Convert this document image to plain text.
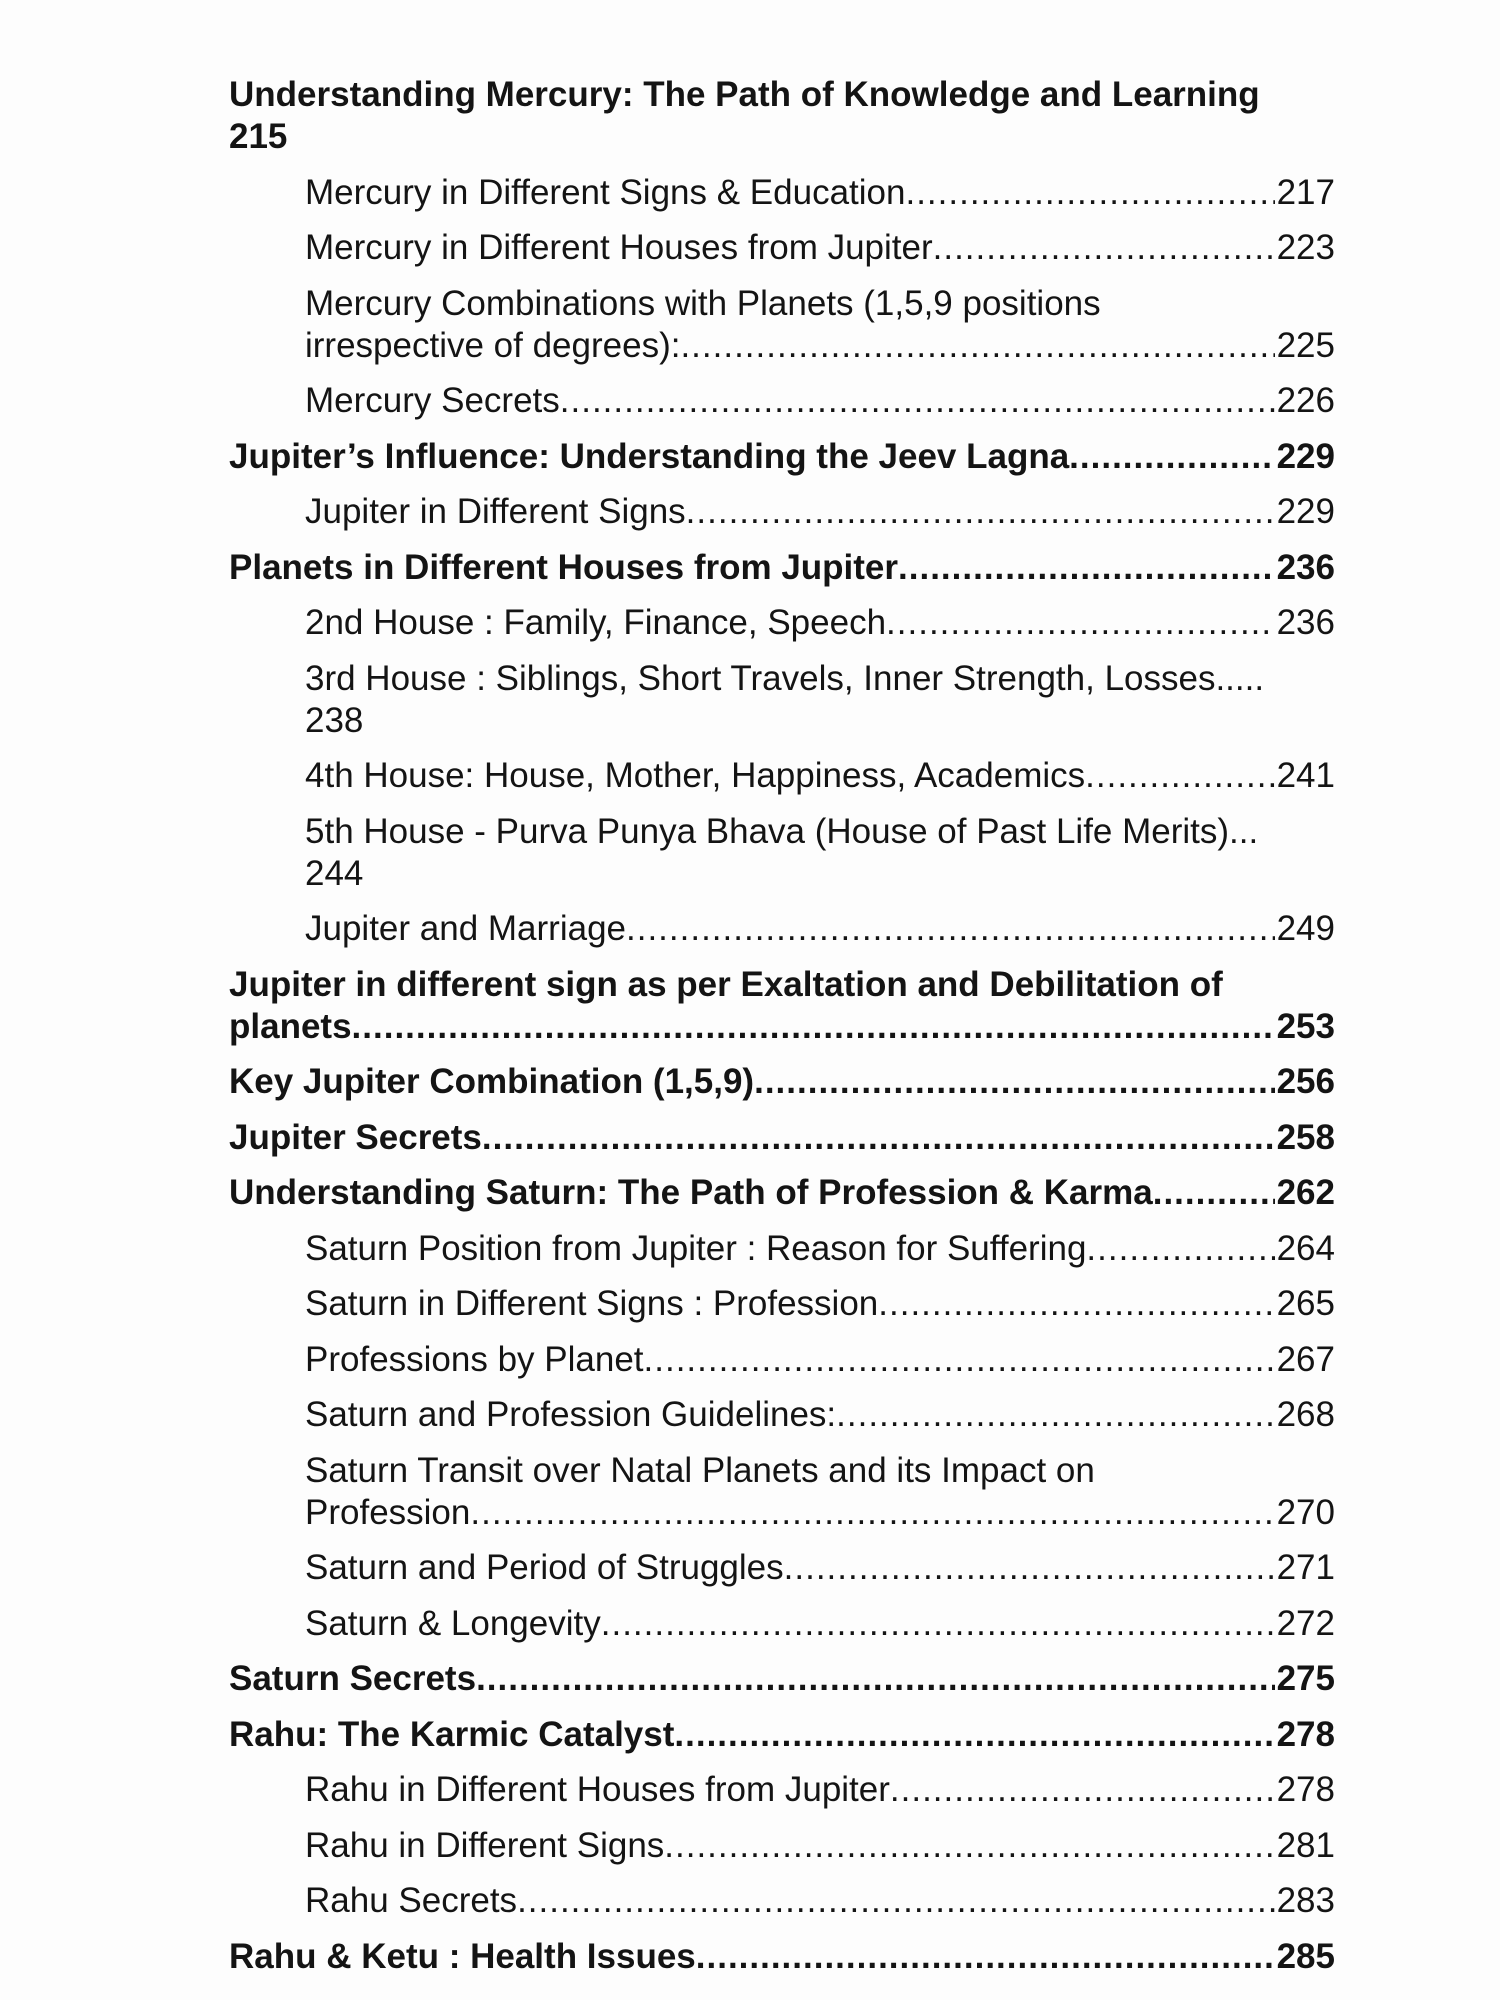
Understanding Mercury: The Path of Knowledge and Learning
215
Mercury in Different Signs & Education .....	217
Mercury in Different Houses from Jupiter .....	223
Mercury Combinations with Planets (1,5,9 positions
irrespective of degrees): .....	225
Mercury Secrets .....	226
Jupiter’s Influence: Understanding the Jeev Lagna .....	229
Jupiter in Different Signs .....	229
Planets in Different Houses from Jupiter .....	236
2nd House : Family, Finance, Speech .....	236
3rd House : Siblings, Short Travels, Inner Strength, Losses.....
238
4th House: House, Mother, Happiness, Academics .....	241
5th House - Purva Punya Bhava (House of Past Life Merits)...
244
Jupiter and Marriage .....	249
Jupiter in different sign as per Exaltation and Debilitation of
planets .....	253
Key Jupiter Combination (1,5,9) .....	256
Jupiter Secrets .....	258
Understanding Saturn: The Path of Profession & Karma .....	262
Saturn Position from Jupiter : Reason for Suffering .....	264
Saturn in Different Signs : Profession .....	265
Professions by Planet .....	267
Saturn and Profession Guidelines: .....	268
Saturn Transit over Natal Planets and its Impact on
Profession .....	270
Saturn and Period of Struggles .....	271
Saturn & Longevity .....	272
Saturn Secrets .....	275
Rahu: The Karmic Catalyst .....	278
Rahu in Different Houses from Jupiter .....	278
Rahu in Different Signs .....	281
Rahu Secrets .....	283
Rahu & Ketu : Health Issues .....	285
